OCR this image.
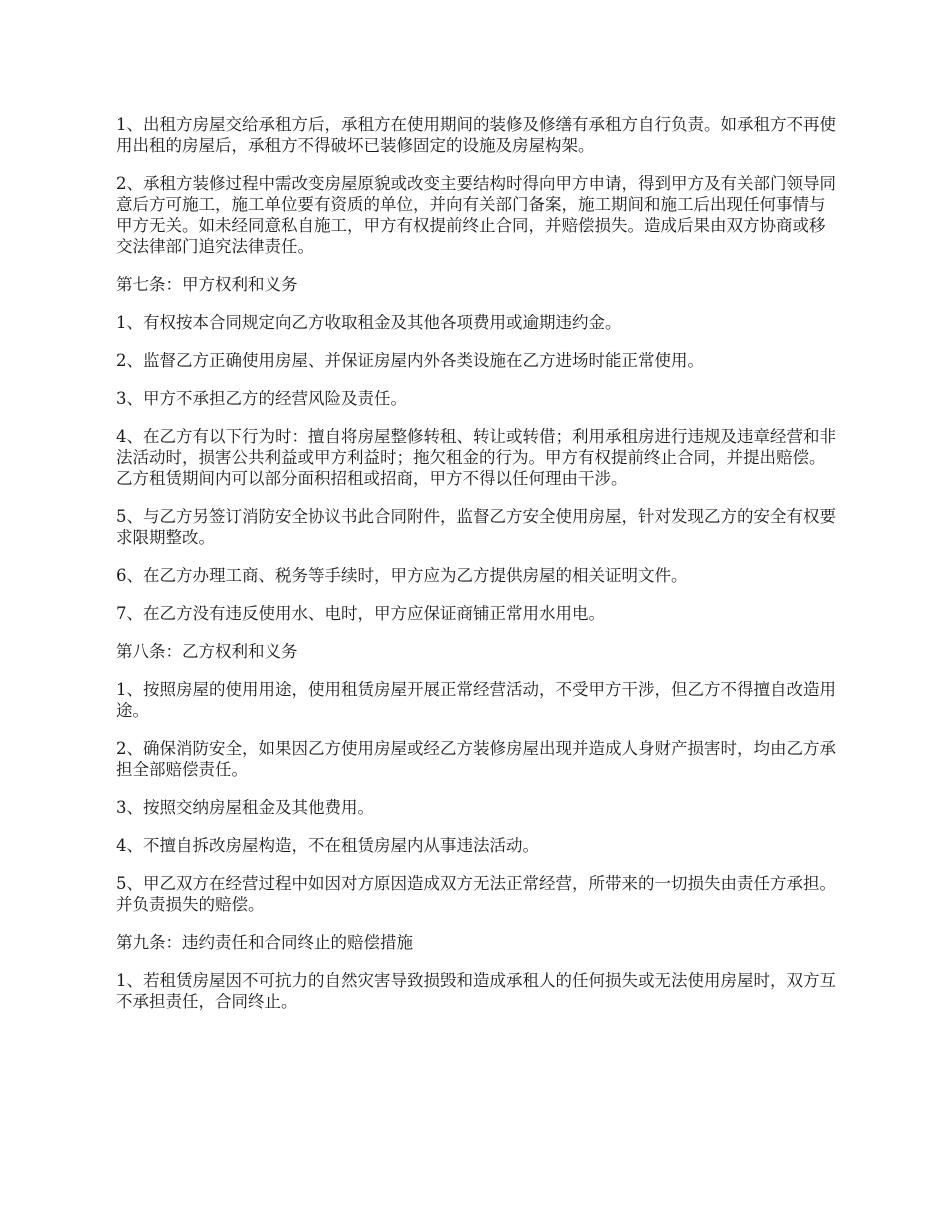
1、出租方房屋交给承租方后，承租方在使用期间的装修及修缮有承租方自行负责。如承租方不再使用出租的房屋后，承租方不得破坏已装修固定的设施及房屋构架。

2、承租方装修过程中需改变房屋原貌或改变主要结构时得向甲方申请，得到甲方及有关部门领导同意后方可施工，施工单位要有资质的单位，并向有关部门备案，施工期间和施工后出现任何事情与甲方无关。如未经同意私自施工，甲方有权提前终止合同，并赔偿损失。造成后果由双方协商或移交法律部门追究法律责任。

第七条：甲方权利和义务

1、有权按本合同规定向乙方收取租金及其他各项费用或逾期违约金。

2、监督乙方正确使用房屋、并保证房屋内外各类设施在乙方进场时能正常使用。

3、甲方不承担乙方的经营风险及责任。

4、在乙方有以下行为时：擅自将房屋整修转租、转让或转借；利用承租房进行违规及违章经营和非法活动时，损害公共利益或甲方利益时；拖欠租金的行为。甲方有权提前终止合同，并提出赔偿。乙方租赁期间内可以部分面积招租或招商，甲方不得以任何理由干涉。

5、与乙方另签订消防安全协议书此合同附件，监督乙方安全使用房屋，针对发现乙方的安全有权要求限期整改。

6、在乙方办理工商、税务等手续时，甲方应为乙方提供房屋的相关证明文件。

7、在乙方没有违反使用水、电时，甲方应保证商铺正常用水用电。

第八条：乙方权利和义务

1、按照房屋的使用用途，使用租赁房屋开展正常经营活动，不受甲方干涉，但乙方不得擅自改造用途。

2、确保消防安全，如果因乙方使用房屋或经乙方装修房屋出现并造成人身财产损害时，均由乙方承担全部赔偿责任。

3、按照交纳房屋租金及其他费用。

4、不擅自拆改房屋构造，不在租赁房屋内从事违法活动。

5、甲乙双方在经营过程中如因对方原因造成双方无法正常经营，所带来的一切损失由责任方承担。并负责损失的赔偿。

第九条：违约责任和合同终止的赔偿措施

1、若租赁房屋因不可抗力的自然灾害导致损毁和造成承租人的任何损失或无法使用房屋时，双方互不承担责任，合同终止。
